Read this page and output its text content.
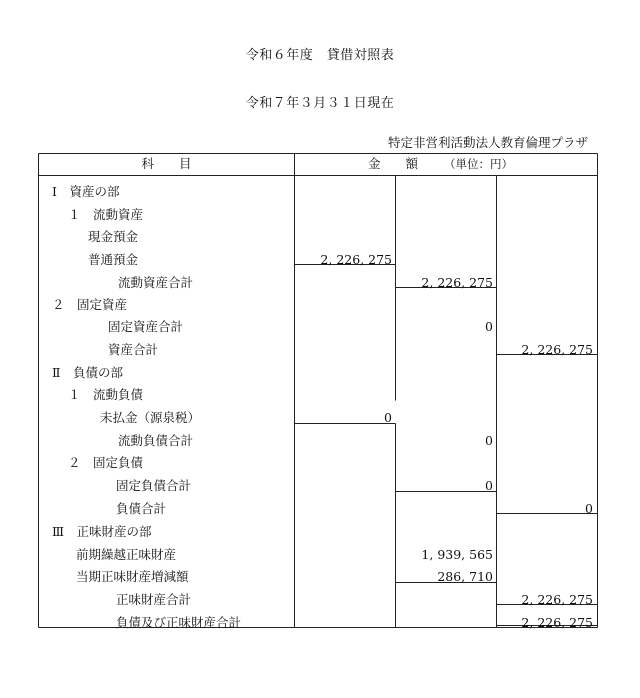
令和６年度　貸借対照表
令和７年３月３１日現在
特定非営利活動法人教育倫理プラザ
科　　目	金　　額 （単位：円）
Ⅰ　資産の部
１　流動資産
現金預金
普通預金	2, 226, 275
流動資産合計	2, 226, 275
２　固定資産
固定資産合計	0
資産合計	2, 226, 275
Ⅱ　負債の部
１　流動負債
未払金（源泉税）	0
流動負債合計	0
２　固定負債
固定負債合計	0
負債合計	0
Ⅲ　正味財産の部
前期繰越正味財産	1, 939, 565
当期正味財産増減額	286, 710
正味財産合計	2, 226, 275
負債及び正味財産合計	2, 226, 275
